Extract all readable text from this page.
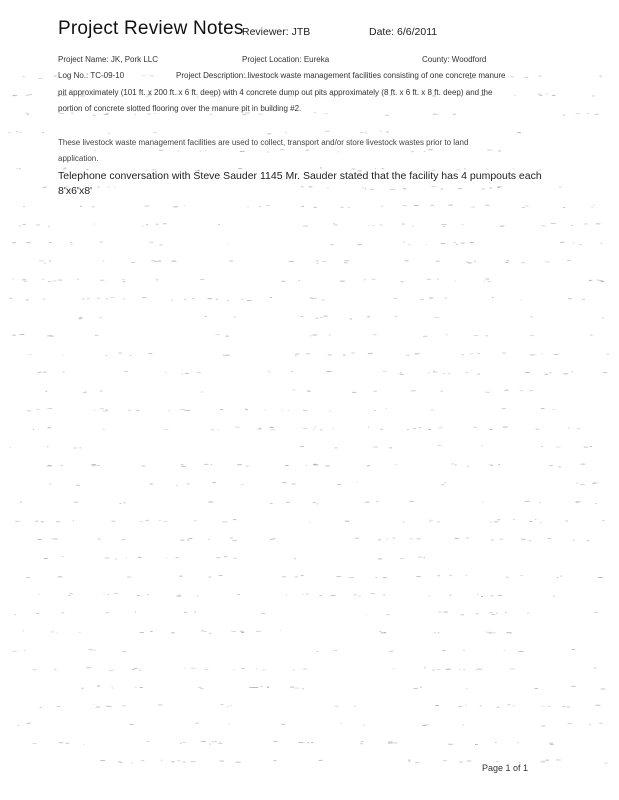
Project Review Notes
Reviewer: JTB	Date: 6/6/2011
Project Name: JK, Pork LLC	Project Location: Eureka	County: Woodford
Log No.: TC-09-10	Project Description: livestock waste management facilities consisting of one concrete manure
pit approximately (101 ft. x 200 ft. x 6 ft. deep) with 4 concrete dump out pits approximately (8 ft. x 6 ft. x 8 ft. deep) and the
portion of concrete slotted flooring over the manure pit in building #2.
These livestock waste management facilities are used to collect, transport and/or store livestock wastes prior to land
application.
Telephone conversation with Steve Sauder 1145 Mr. Sauder stated that the facility has 4 pumpouts each
8'x6'x8'
Page 1 of 1
